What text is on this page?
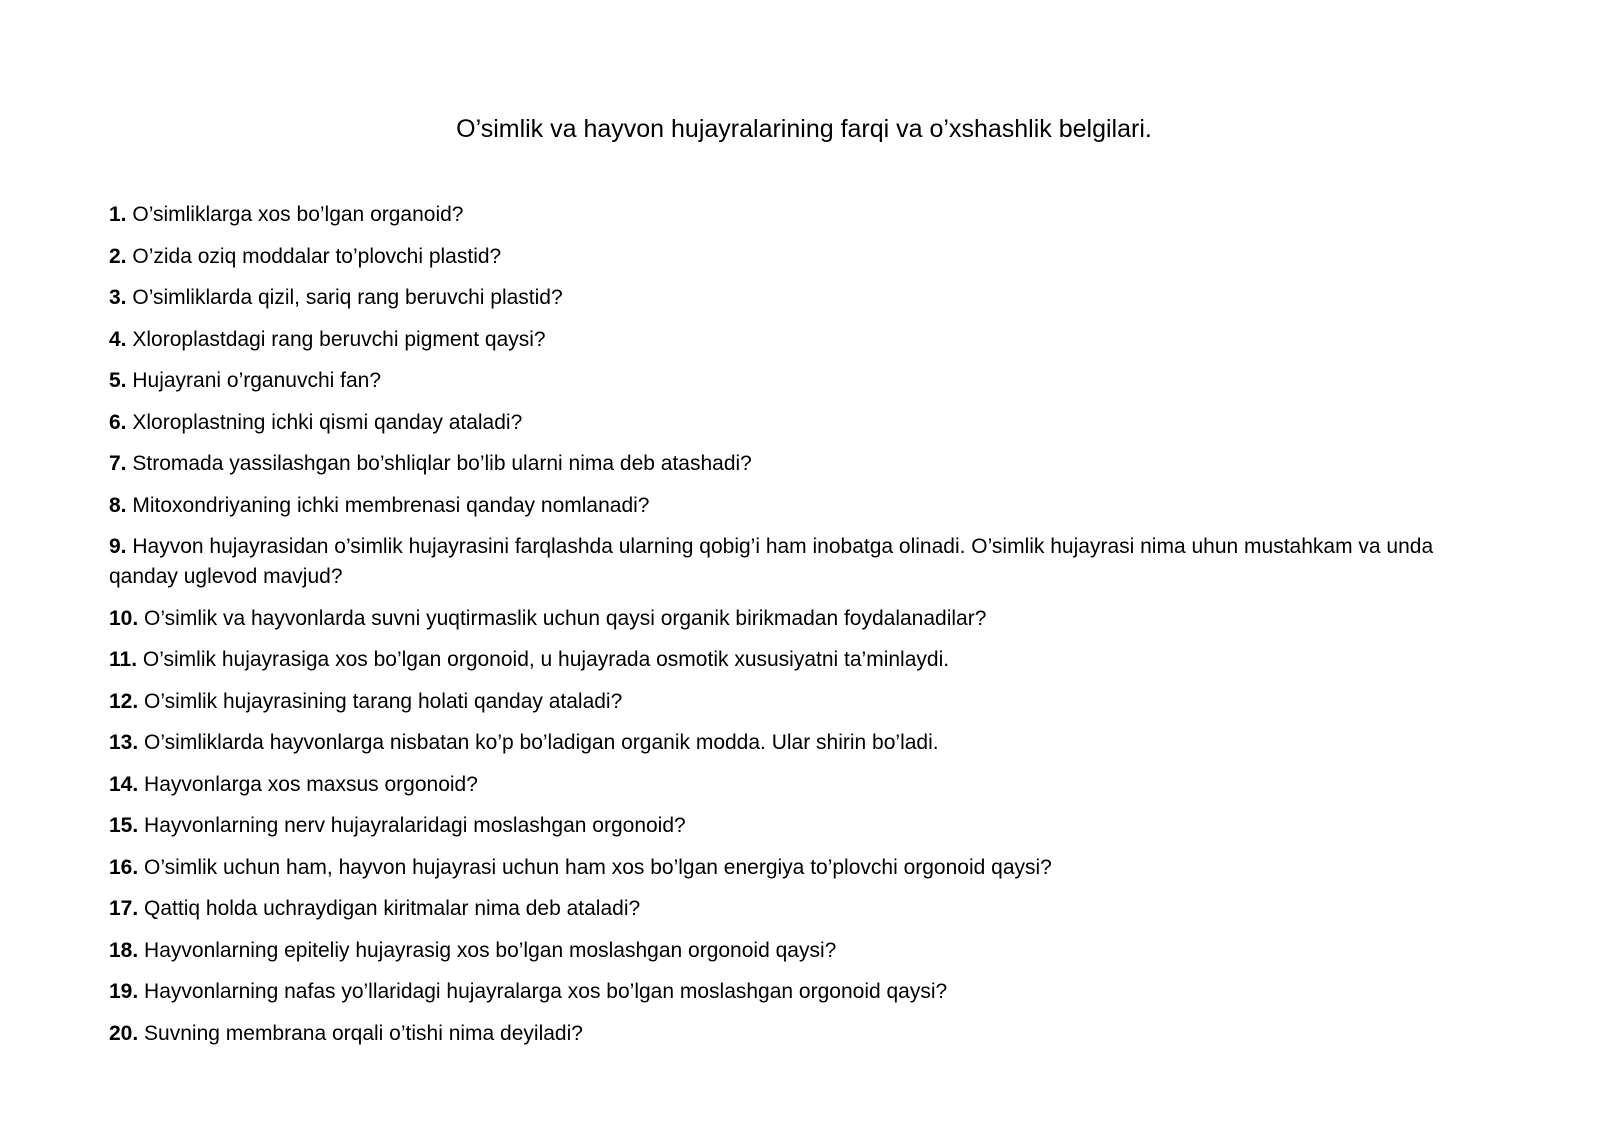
O’simlik va hayvon hujayralarining farqi va o’xshashlik belgilari.
1. O’simliklarga xos bo’lgan organoid?
2. O’zida oziq moddalar to’plovchi plastid?
3. O’simliklarda qizil, sariq rang beruvchi plastid?
4. Xloroplastdagi rang beruvchi pigment qaysi?
5. Hujayrani o’rganuvchi fan?
6. Xloroplastning ichki qismi qanday ataladi?
7. Stromada yassilashgan bo’shliqlar bo’lib ularni nima deb atashadi?
8. Mitoxondriyaning ichki membrenasi qanday nomlanadi?
9. Hayvon hujayrasidan o’simlik hujayrasini farqlashda ularning qobig’i ham inobatga olinadi. O’simlik hujayrasi nima uhun mustahkam va unda qanday uglevod mavjud?
10. O’simlik va hayvonlarda suvni yuqtirmaslik uchun qaysi organik birikmadan foydalanadilar?
11. O’simlik hujayrasiga xos bo’lgan orgonoid, u hujayrada osmotik xususiyatni ta’minlaydi.
12. O’simlik hujayrasining tarang holati qanday ataladi?
13. O’simliklarda hayvonlarga nisbatan ko’p bo’ladigan organik modda. Ular shirin bo’ladi.
14. Hayvonlarga xos maxsus orgonoid?
15. Hayvonlarning nerv hujayralaridagi moslashgan orgonoid?
16. O’simlik uchun ham, hayvon hujayrasi uchun ham xos bo’lgan energiya to’plovchi orgonoid qaysi?
17. Qattiq holda uchraydigan kiritmalar nima deb ataladi?
18. Hayvonlarning epiteliy hujayrasig xos bo’lgan moslashgan orgonoid qaysi?
19. Hayvonlarning nafas yo’llaridagi hujayralarga xos bo’lgan moslashgan orgonoid qaysi?
20. Suvning membrana orqali o’tishi nima deyiladi?
